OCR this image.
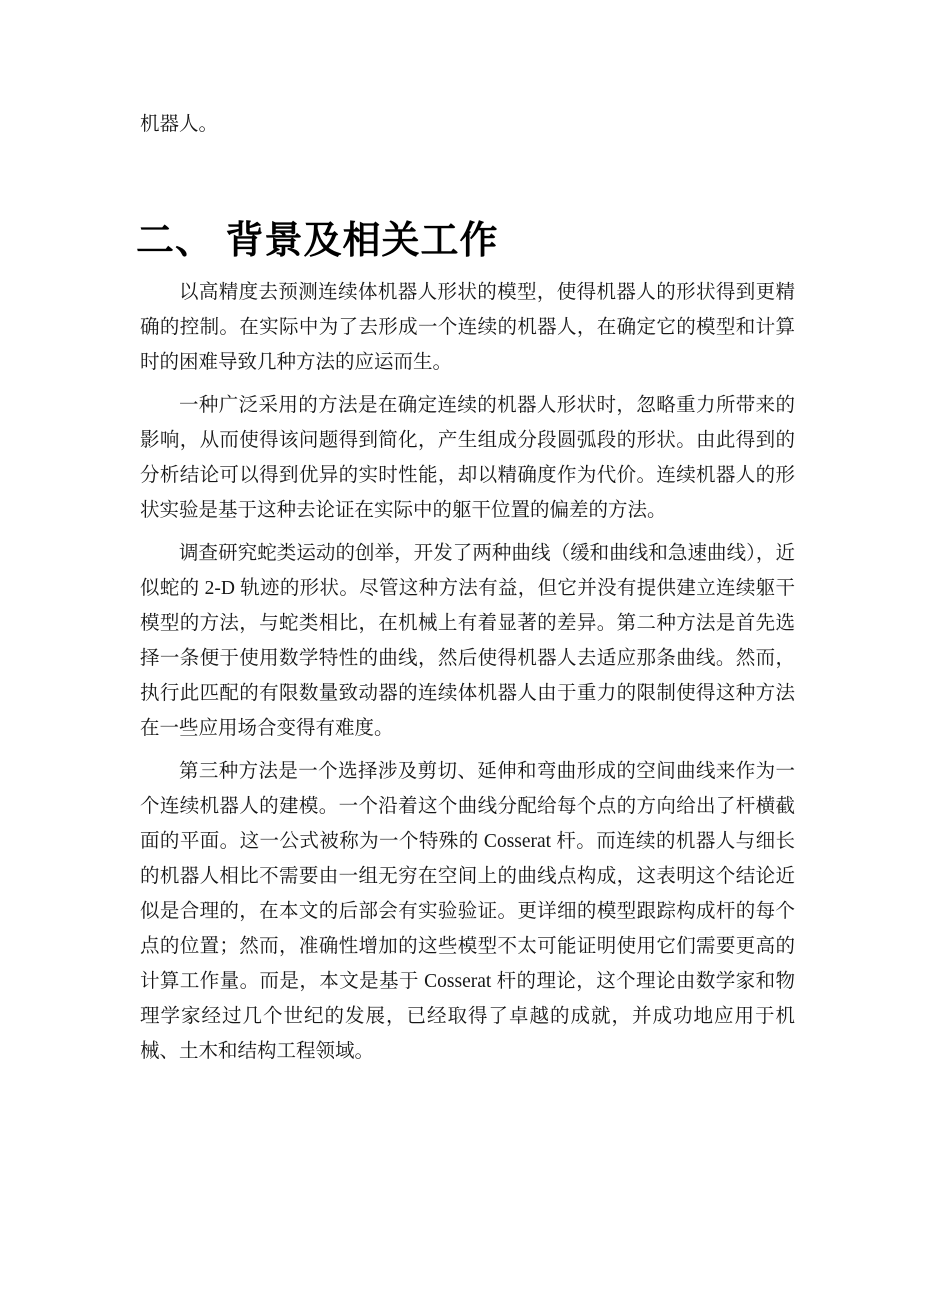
机器人。

二、 背景及相关工作

以高精度去预测连续体机器人形状的模型，使得机器人的形状得到更精确的控制。在实际中为了去形成一个连续的机器人，在确定它的模型和计算时的困难导致几种方法的应运而生。

一种广泛采用的方法是在确定连续的机器人形状时，忽略重力所带来的影响，从而使得该问题得到简化，产生组成分段圆弧段的形状。由此得到的分析结论可以得到优异的实时性能，却以精确度作为代价。连续机器人的形状实验是基于这种去论证在实际中的躯干位置的偏差的方法。

调查研究蛇类运动的创举，开发了两种曲线（缓和曲线和急速曲线），近似蛇的 2-D 轨迹的形状。尽管这种方法有益，但它并没有提供建立连续躯干模型的方法，与蛇类相比，在机械上有着显著的差异。第二种方法是首先选择一条便于使用数学特性的曲线，然后使得机器人去适应那条曲线。然而，执行此匹配的有限数量致动器的连续体机器人由于重力的限制使得这种方法在一些应用场合变得有难度。

第三种方法是一个选择涉及剪切、延伸和弯曲形成的空间曲线来作为一个连续机器人的建模。一个沿着这个曲线分配给每个点的方向给出了杆横截面的平面。这一公式被称为一个特殊的 Cosserat 杆。而连续的机器人与细长的机器人相比不需要由一组无穷在空间上的曲线点构成，这表明这个结论近似是合理的，在本文的后部会有实验验证。更详细的模型跟踪构成杆的每个点的位置；然而，准确性增加的这些模型不太可能证明使用它们需要更高的计算工作量。而是，本文是基于 Cosserat 杆的理论，这个理论由数学家和物理学家经过几个世纪的发展，已经取得了卓越的成就，并成功地应用于机械、土木和结构工程领域。
